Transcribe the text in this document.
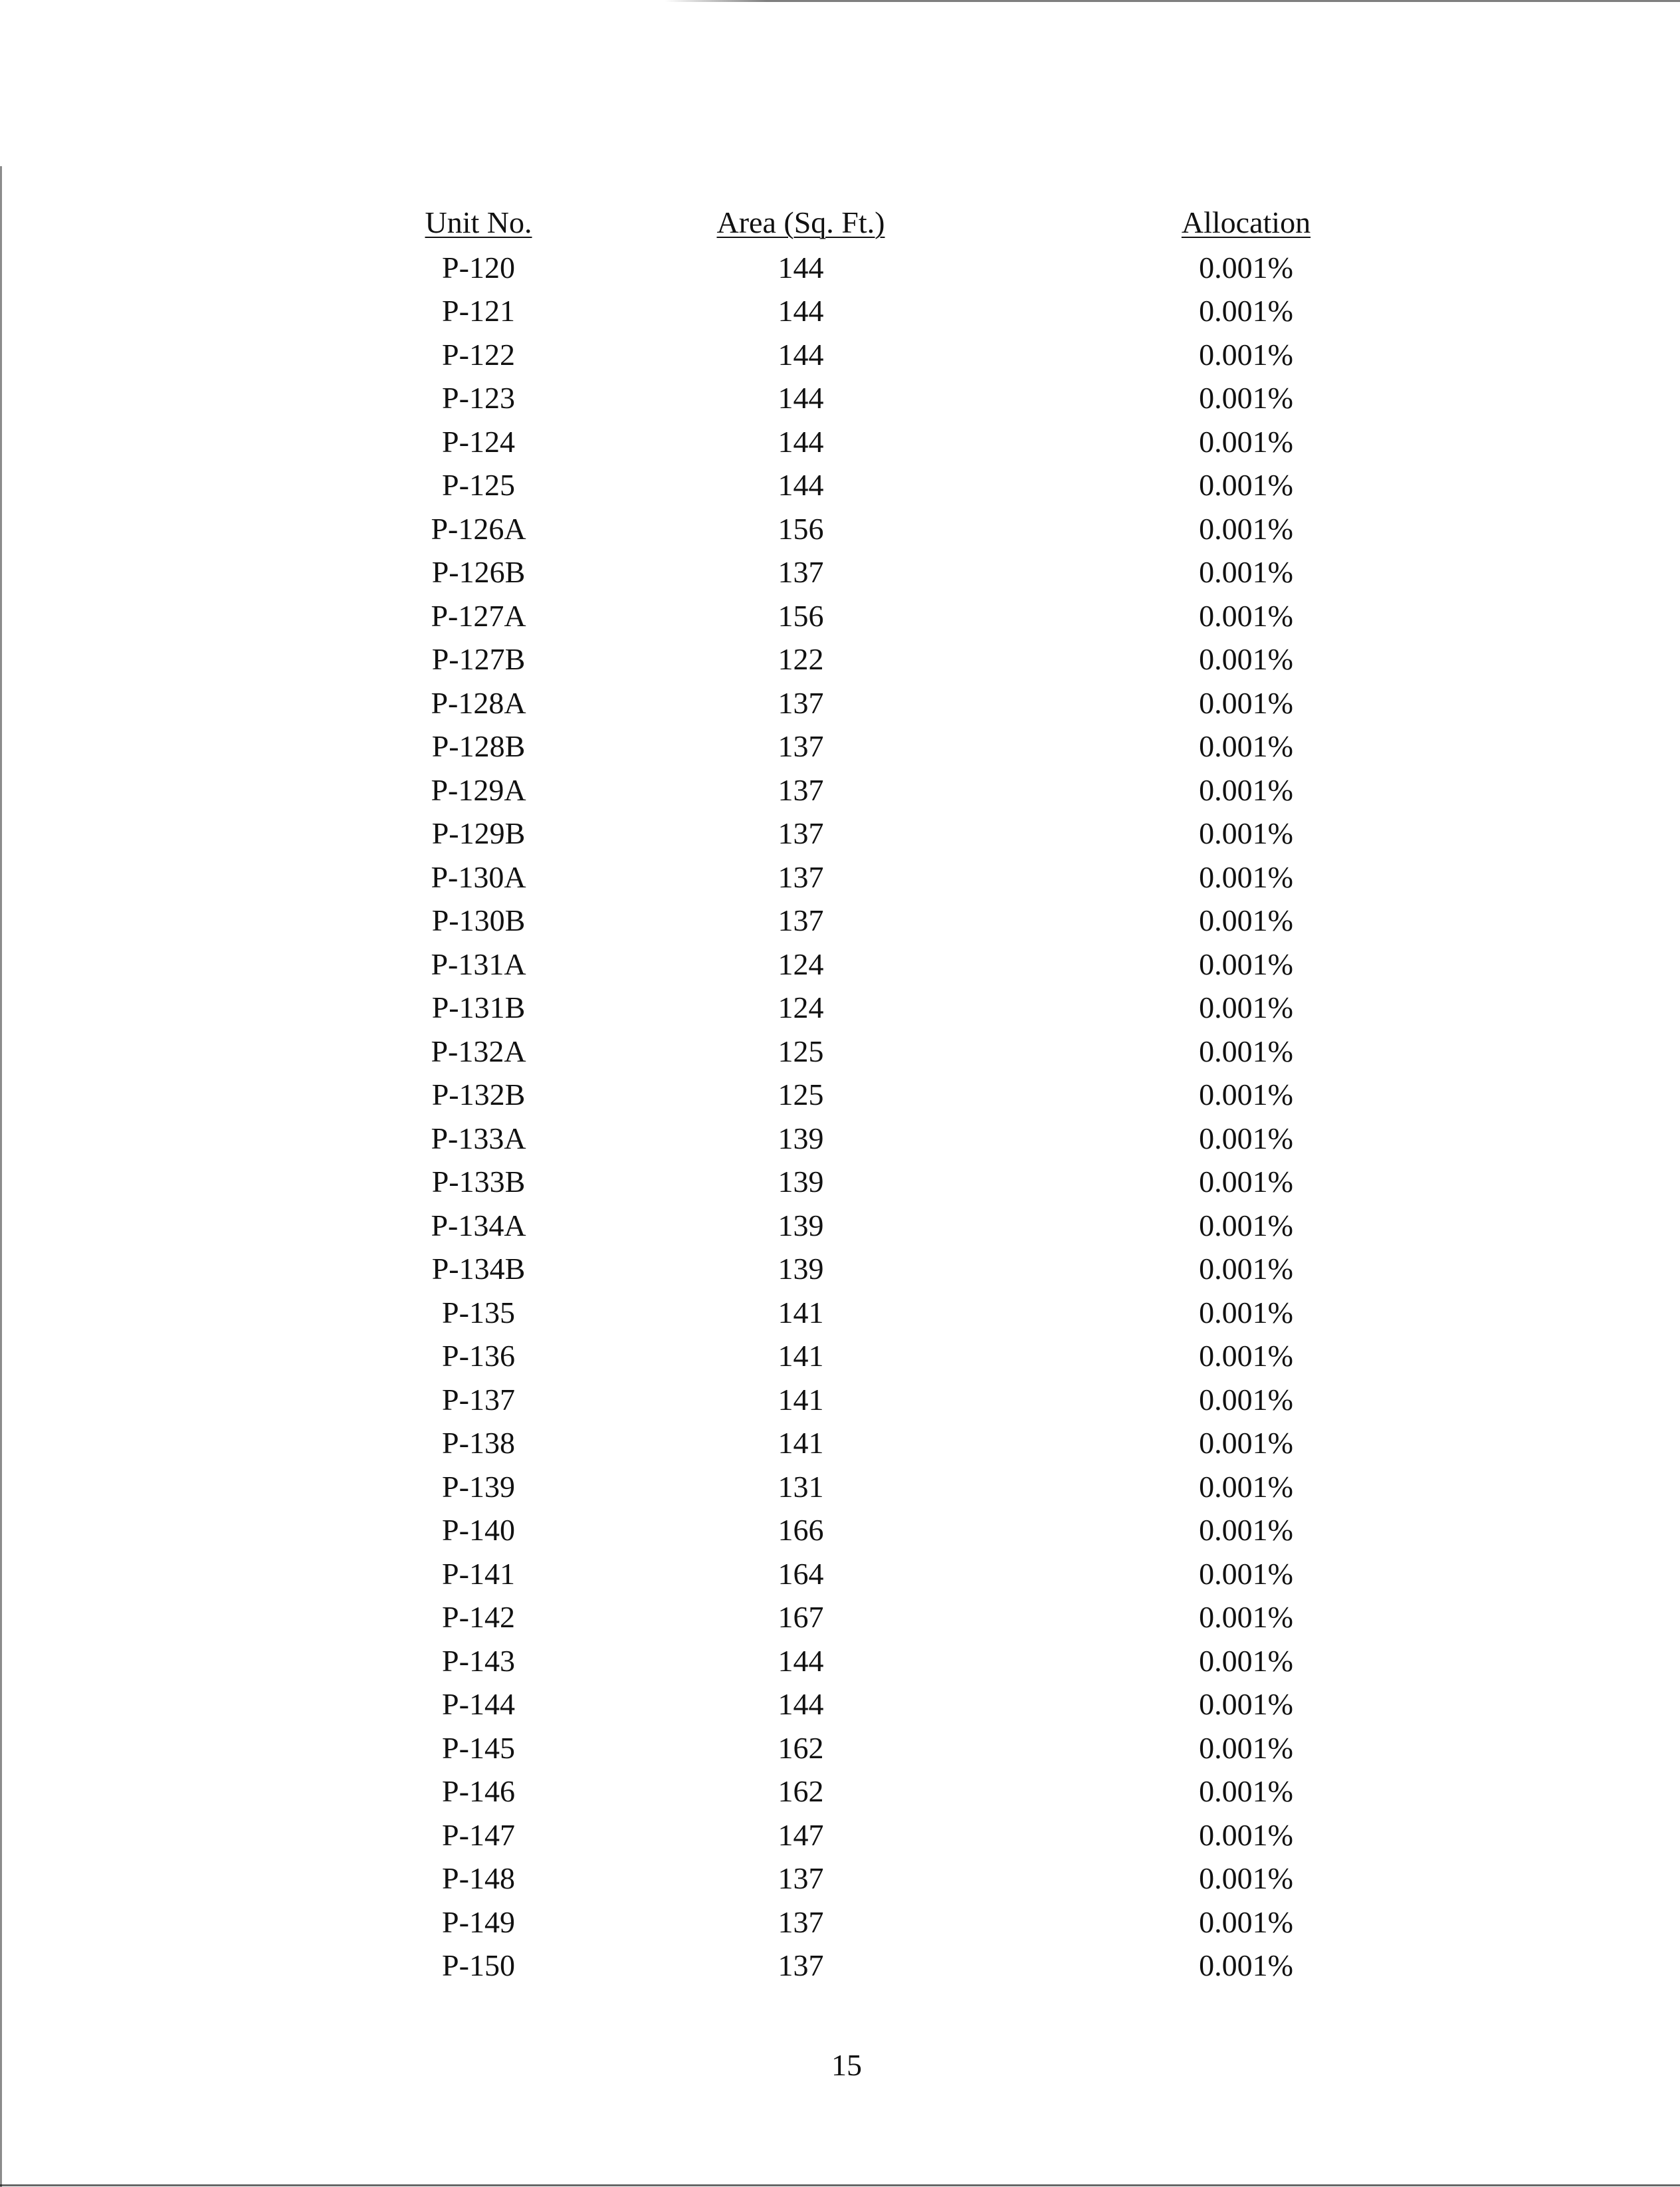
Unit No.	Area (Sq. Ft.)	Allocation
P-120	144	0.001%
P-121	144	0.001%
P-122	144	0.001%
P-123	144	0.001%
P-124	144	0.001%
P-125	144	0.001%
P-126A	156	0.001%
P-126B	137	0.001%
P-127A	156	0.001%
P-127B	122	0.001%
P-128A	137	0.001%
P-128B	137	0.001%
P-129A	137	0.001%
P-129B	137	0.001%
P-130A	137	0.001%
P-130B	137	0.001%
P-131A	124	0.001%
P-131B	124	0.001%
P-132A	125	0.001%
P-132B	125	0.001%
P-133A	139	0.001%
P-133B	139	0.001%
P-134A	139	0.001%
P-134B	139	0.001%
P-135	141	0.001%
P-136	141	0.001%
P-137	141	0.001%
P-138	141	0.001%
P-139	131	0.001%
P-140	166	0.001%
P-141	164	0.001%
P-142	167	0.001%
P-143	144	0.001%
P-144	144	0.001%
P-145	162	0.001%
P-146	162	0.001%
P-147	147	0.001%
P-148	137	0.001%
P-149	137	0.001%
P-150	137	0.001%
15
